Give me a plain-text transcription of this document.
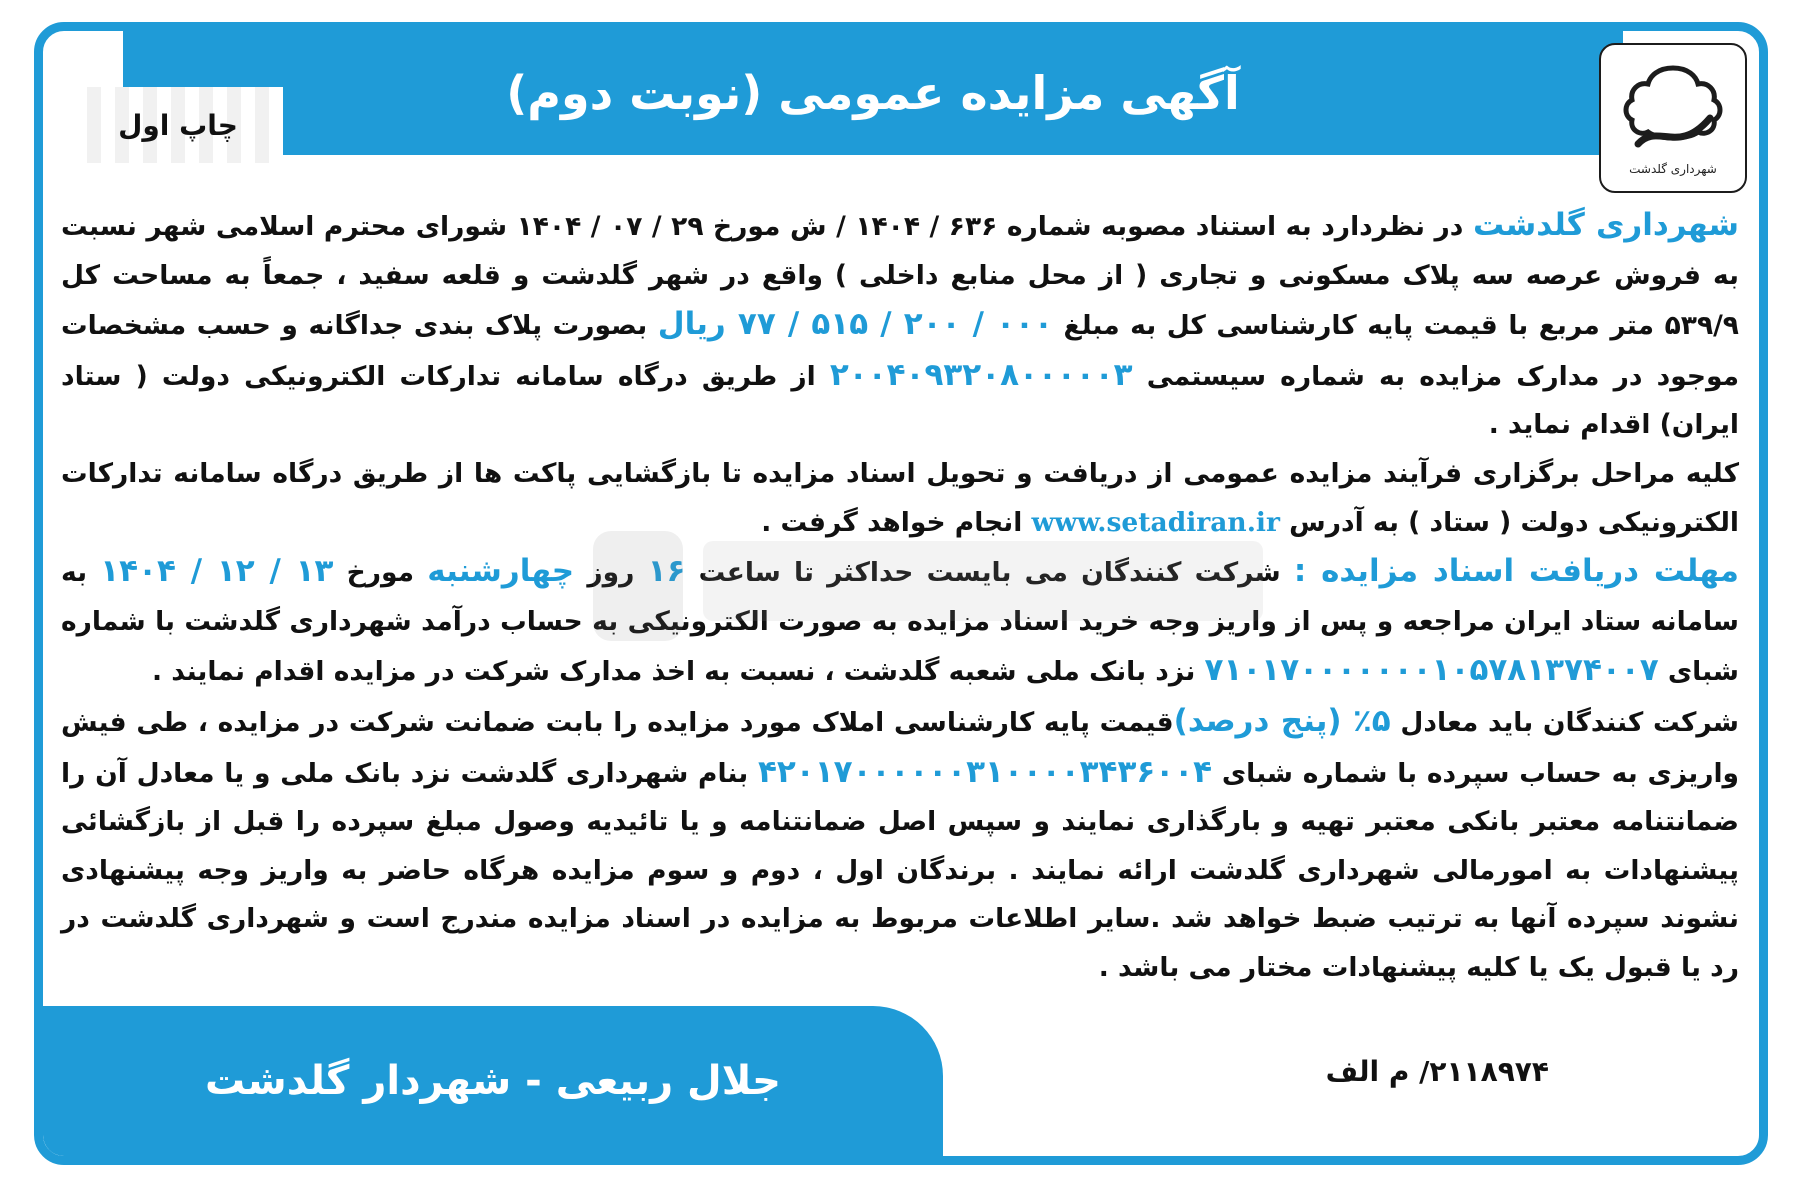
آگهی مزایده عمومی (نوبت دوم)
شهرداری گلدشت
چاپ اول
شهرداری گلدشت در نظردارد به استناد مصوبه شماره ۶۳۶ / ۱۴۰۴ / ش مورخ ۲۹ / ۰۷ / ۱۴۰۴ شورای محترم اسلامی شهر نسبت به فروش عرصه سه پلاک مسکونی و تجاری ( از محل منابع داخلی ) واقع در شهر گلدشت و قلعه سفید ، جمعاً به مساحت کل ۵۳۹/۹ متر مربع با قیمت پایه کارشناسی کل به مبلغ ۰۰۰ / ۲۰۰ / ۵۱۵ / ۷۷ ریال بصورت پلاک بندی جداگانه و حسب مشخصات موجود در مدارک مزایده به شماره سیستمی ۲۰۰۴۰۹۳۲۰۸۰۰۰۰۰۳ از طریق درگاه سامانه تدارکات الکترونیکی دولت ( ستاد ایران) اقدام نماید .
کلیه مراحل برگزاری فرآیند مزایده عمومی از دریافت و تحویل اسناد مزایده تا بازگشایی پاکت ها از طریق درگاه سامانه تدارکات الکترونیکی دولت ( ستاد ) به آدرس www.setadiran.ir انجام خواهد گرفت .
مهلت دریافت اسناد مزایده : شرکت کنندگان می بایست حداکثر تا ساعت ۱۶ روز چهارشنبه مورخ ۱۳ / ۱۲ / ۱۴۰۴ به سامانه ستاد ایران مراجعه و پس از واریز وجه خرید اسناد مزایده به صورت الکترونیکی به حساب درآمد شهرداری گلدشت با شماره شبای ۷۱۰۱۷۰۰۰۰۰۰۰۱۰۵۷۸۱۳۷۴۰۰۷ نزد بانک ملی شعبه گلدشت ، نسبت به اخذ مدارک شرکت در مزایده اقدام نمایند .
شرکت کنندگان باید معادل ۵٪ (پنج درصد)قیمت پایه کارشناسی املاک مورد مزایده را بابت ضمانت شرکت در مزایده ، طی فیش واریزی به حساب سپرده با شماره شبای ۴۲۰۱۷۰۰۰۰۰۰۳۱۰۰۰۰۳۴۳۶۰۰۴ بنام شهرداری گلدشت نزد بانک ملی و یا معادل آن را ضمانتنامه معتبر بانکی معتبر تهیه و بارگذاری نمایند و سپس اصل ضمانتنامه و یا تائیدیه وصول مبلغ سپرده را قبل از بازگشائی پیشنهادات به امورمالی شهرداری گلدشت ارائه نمایند . برندگان اول ، دوم و سوم مزایده هرگاه حاضر به واریز وجه پیشنهادی نشوند سپرده آنها به ترتیب ضبط خواهد شد .سایر اطلاعات مربوط به مزایده در اسناد مزایده مندرج است و شهرداری گلدشت در رد یا قبول یک یا کلیه پیشنهادات مختار می باشد .
جلال ربیعی - شهردار گلدشت	۲۱۱۸۹۷۴/ م الف
